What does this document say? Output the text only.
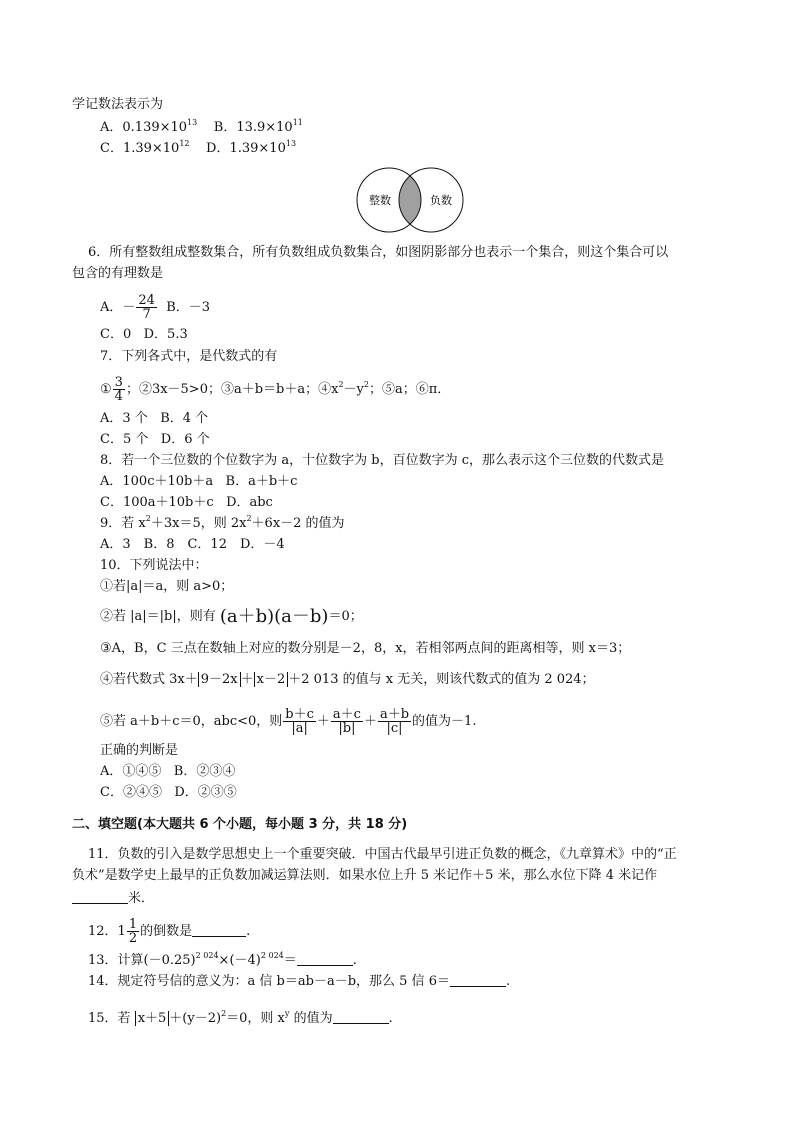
学记数法表示为
A．$0.139\times 10^{13}$ B．$13.9\times 10^{11}$
C．$1.39\times 10^{12}$ D．$1.39\times 10^{13}$
整数	负数
6．所有整数组成整数集合，所有负数组成负数集合，如图阴影部分也表示一个集合，则这个集合可以
包含的有理数是
A．－ $\frac{24}{7}$ B．－3
C．0 D．5.3
7．下列各式中，是代数式的有
① $\frac{3}{4}$ ；②3x－5>0；③a＋b＝b＋a；$④x^2-y^2$；⑤a；⑥π．
A．3 个 B．4 个
C．5 个 D．6 个
8．若一个三位数的个位数字为 a，十位数字为 b，百位数字为 c，那么表示这个三位数的代数式是
A．100c＋10b＋a B．a＋b＋c
C．100a＋10b＋c D．abc
9．若 $x^2+3x=5$，则 $2x^2+6x-2$ 的值为
A．3　B．8　C．12　D．－4
10．下列说法中：
①若|a|＝a，则 a>0；
②若 |a|＝|b|，则有 (a＋b)(a－b)＝0；
③A，B，C 三点在数轴上对应的数分别是－2，8，x，若相邻两点间的距离相等，则 x＝3；
④若代数式 3x＋ 9－2x ＋ x－2 ＋2 013 的值与 x 无关，则该代数式的值为 2 024；
⑤若 a＋b＋c＝0，abc<0，则 $\frac{b+c}{|a|} + \frac{a+c}{|b|} + \frac{a+b}{|c|}$ 的值为－1.
正确的判断是
A．①④⑤ B．②③④
C．②④⑤ D．②③⑤
二、填空题(本大题共 6 个小题，每小题 3 分，共 18 分)
11．负数的引入是数学思想史上一个重要突破．中国古代最早引进正负数的概念，《九章算术》中的“正
负术”是数学史上最早的正负数加减运算法则．如果水位上升 5 米记作＋5 米，那么水位下降 4 米记作
米．
12．$1 \frac{1}{2}$ 的倒数是	.
13．计算$(-0.25)^{2 024}\times(-4)^{2 024}=$	.
14．规定符号信的意义为：a 信 b＝ab－a－b，那么 5 信 6＝	.
15．若 $x+5 +(y-2)^2=0$，则 $x^y$ 的值为	.
